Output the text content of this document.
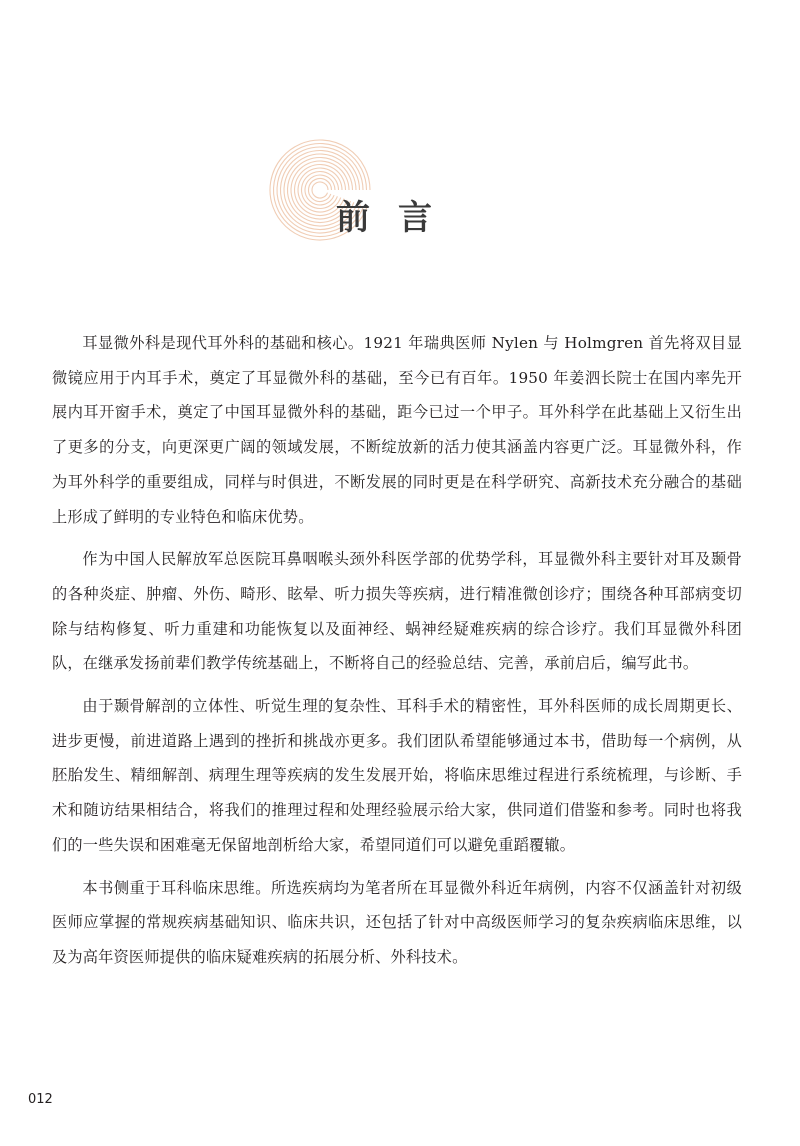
前言

耳显微外科是现代耳外科的基础和核心。1921 年瑞典医师 Nylen 与 Holmgren 首先将双目显微镜应用于内耳手术，奠定了耳显微外科的基础，至今已有百年。1950 年姜泗长院士在国内率先开展内耳开窗手术，奠定了中国耳显微外科的基础，距今已过一个甲子。耳外科学在此基础上又衍生出了更多的分支，向更深更广阔的领域发展，不断绽放新的活力使其涵盖内容更广泛。耳显微外科，作为耳外科学的重要组成，同样与时俱进，不断发展的同时更是在科学研究、高新技术充分融合的基础上形成了鲜明的专业特色和临床优势。

作为中国人民解放军总医院耳鼻咽喉头颈外科医学部的优势学科，耳显微外科主要针对耳及颞骨的各种炎症、肿瘤、外伤、畸形、眩晕、听力损失等疾病，进行精准微创诊疗；围绕各种耳部病变切除与结构修复、听力重建和功能恢复以及面神经、蜗神经疑难疾病的综合诊疗。我们耳显微外科团队，在继承发扬前辈们教学传统基础上，不断将自己的经验总结、完善，承前启后，编写此书。

由于颞骨解剖的立体性、听觉生理的复杂性、耳科手术的精密性，耳外科医师的成长周期更长、进步更慢，前进道路上遇到的挫折和挑战亦更多。我们团队希望能够通过本书，借助每一个病例，从胚胎发生、精细解剖、病理生理等疾病的发生发展开始，将临床思维过程进行系统梳理，与诊断、手术和随访结果相结合，将我们的推理过程和处理经验展示给大家，供同道们借鉴和参考。同时也将我们的一些失误和困难毫无保留地剖析给大家，希望同道们可以避免重蹈覆辙。

本书侧重于耳科临床思维。所选疾病均为笔者所在耳显微外科近年病例，内容不仅涵盖针对初级医师应掌握的常规疾病基础知识、临床共识，还包括了针对中高级医师学习的复杂疾病临床思维，以及为高年资医师提供的临床疑难疾病的拓展分析、外科技术。

012
